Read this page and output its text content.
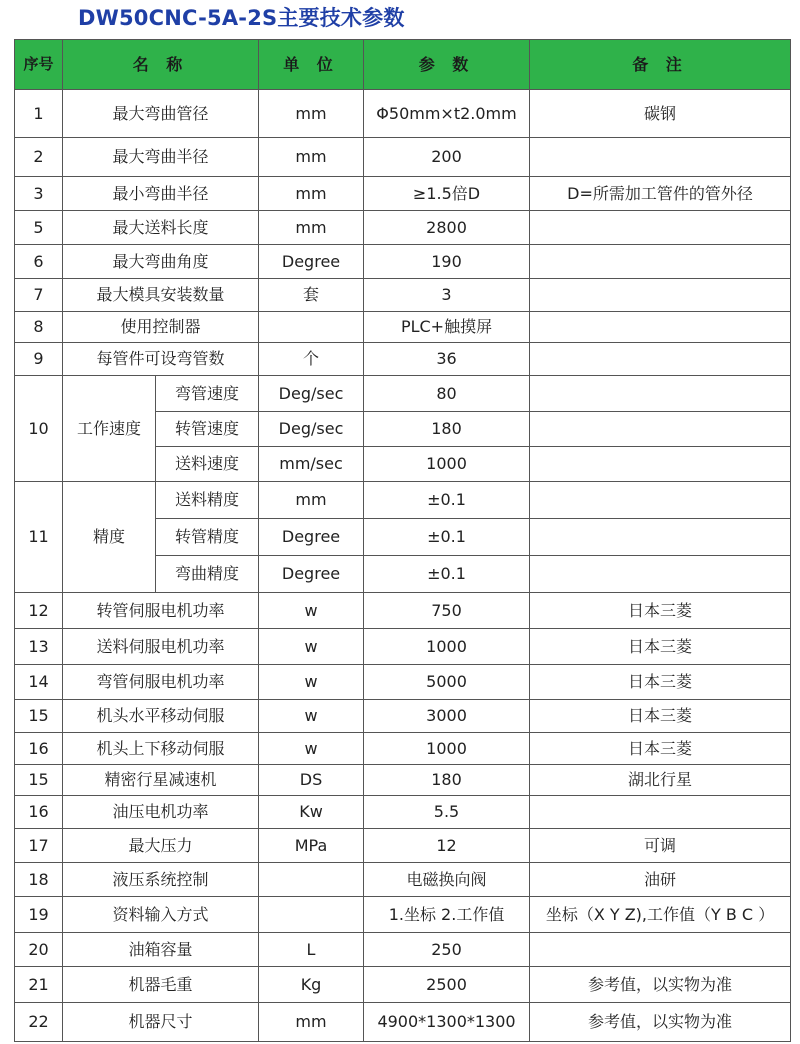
DW50CNC-5A-2S主要技术参数
序号	名 称		单 位	参 数	备 注
1	最大弯曲管径		mm	Φ50mm×t2.0mm	碳钢
2	最大弯曲半径		mm	200	
3	最小弯曲半径		mm	≥1.5倍D	D=所需加工管件的管外径
5	最大送料长度		mm	2800	
6	最大弯曲角度		Degree	190	
7	最大模具安装数量		套	3	
8	使用控制器			PLC+触摸屏	
9	每管件可设弯管数		个	36	
10	工作速度	弯管速度	Deg/sec	80	
		转管速度	Deg/sec	180	
		送料速度	mm/sec	1000	
11	精度	送料精度	mm	±0.1	
		转管精度	Degree	±0.1	
		弯曲精度	Degree	±0.1	
12	转管伺服电机功率		w	750	日本三菱
13	送料伺服电机功率		w	1000	日本三菱
14	弯管伺服电机功率		w	5000	日本三菱
15	机头水平移动伺服		w	3000	日本三菱
16	机头上下移动伺服		w	1000	日本三菱
15	精密行星减速机		DS	180	湖北行星
16	油压电机功率		Kw	5.5	
17	最大压力		MPa	12	可调
18	液压系统控制			电磁换向阀	油研
19	资料输入方式			1.坐标 2.工作值	坐标（X Y Z),工作值（Y B C ）
20	油箱容量		L	250	
21	机器毛重		Kg	2500	参考值，以实物为准
22	机器尺寸		mm	4900*1300*1300	参考值，以实物为准
